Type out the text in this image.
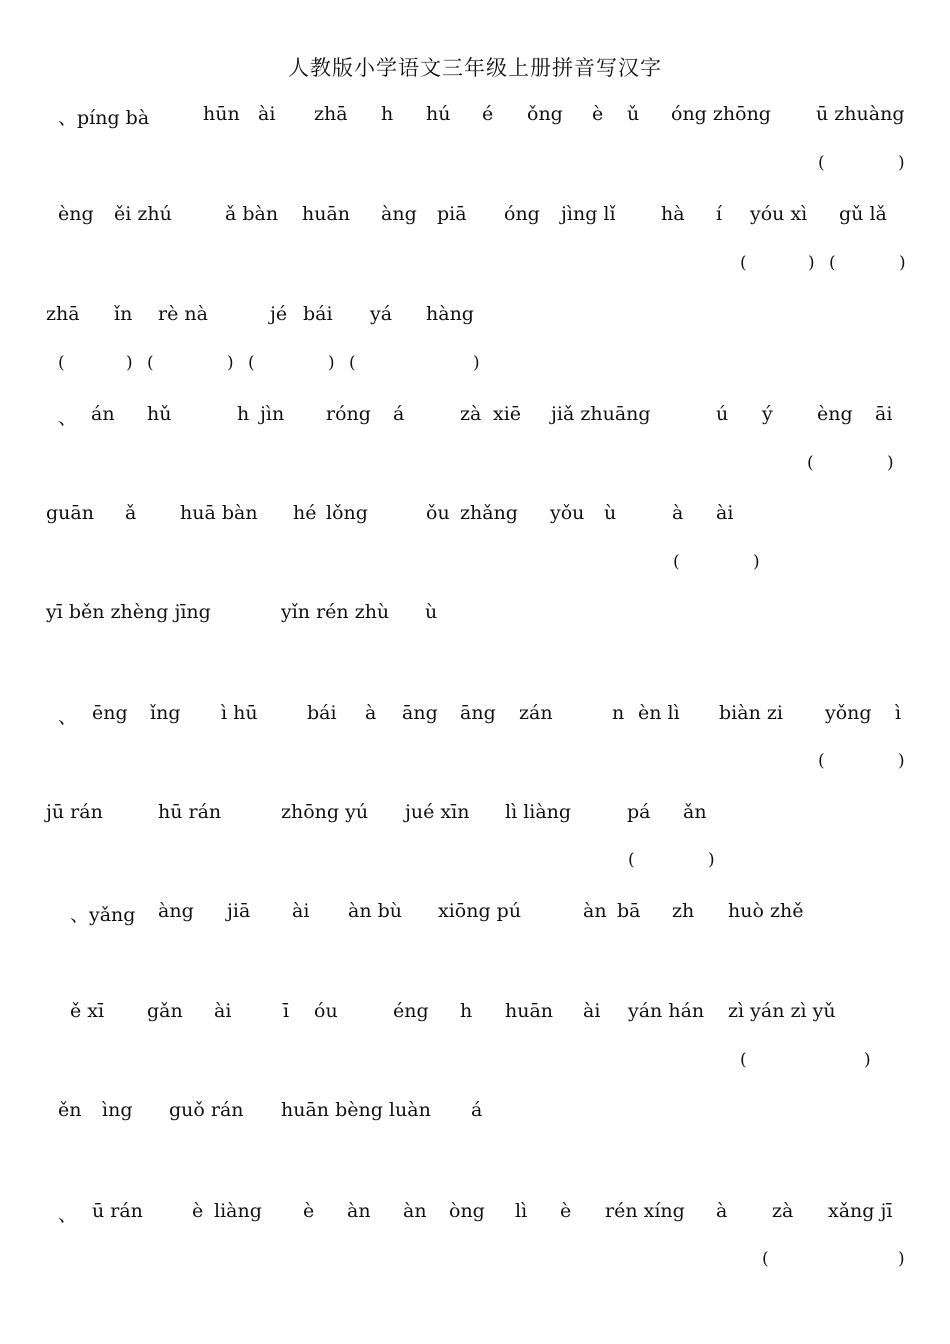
人教版小学语文三年级上册拼音写汉字
、píng bà	hūn ài zhā h hú é ǒng è ǔ óng zhōng ū zhuàng
(	)
èng ěi zhú	ǎ bàn huān àng piā óng jìng lǐ hà í yóu xì gǔ lǎ
(	) (	)
zhā ǐn rè nà	jé bái yá hàng
(	) (	) (	) (	)
、 án hǔ	h jìn róng á	zà xiē jiǎ zhuāng	ú ý èng āi
(	)
guān ǎ huā bàn hé lǒng	ǒu zhǎng yǒu ù	à ài
(	)
yī běn zhèng jīng	yǐn rén zhù ù
、 ēng ǐng ì hū	bái à āng āng zán	n èn lì biàn zi yǒng ì
(	)
jū rán	hū rán	zhōng yú jué xīn lì liàng	pá ǎn
(	)
、yǎng àng jiā ài àn bù xiōng pú	àn bā zh huò zhě
ě xī gǎn ài	ī óu	éng h huān ài yán hán zì yán zì yǔ
(	)
ěn ìng guǒ rán huān bèng luàn á
、 ū rán	è liàng è àn àn òng lì è rén xíng à zà xǎng jī
(	)
